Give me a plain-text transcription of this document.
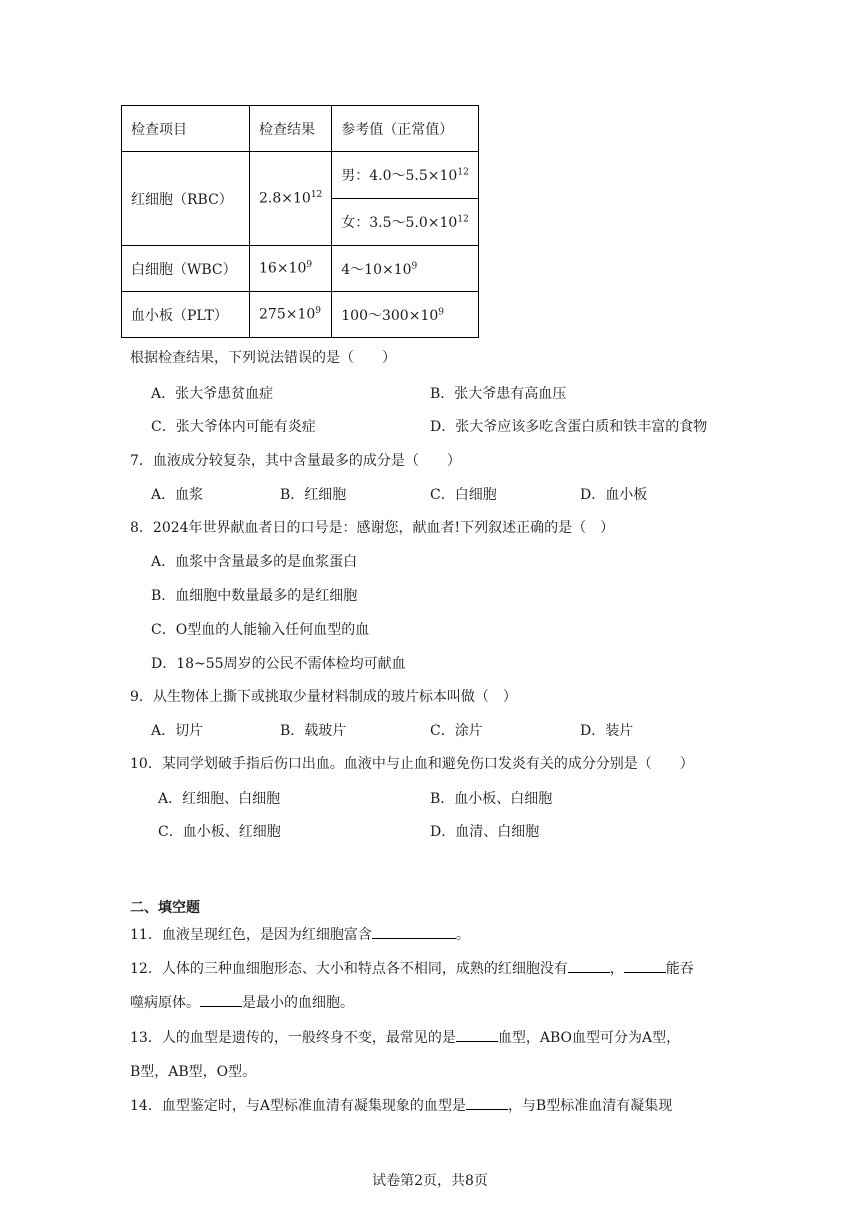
检查项目	检查结果	参考值（正常值）
红细胞（RBC）	$2.8\times 10^{12}$	男：$4.0\sim 5.5\times 10^{12}$
		女：$3.5\sim 5.0\times 10^{12}$
白细胞（WBC）	$16\times 10^9$	$4\sim 10\times 10^9$
血小板（PLT）	$275\times 10^9$	$100\sim 300\times 10^9$
根据检查结果，下列说法错误的是（　　）
A．张大爷患贫血症	B．张大爷患有高血压
C．张大爷体内可能有炎症	D．张大爷应该多吃含蛋白质和铁丰富的食物
7．血液成分较复杂，其中含量最多的成分是（　　）
A．血浆	B．红细胞	C．白细胞	D．血小板
8．2024年世界献血者日的口号是：感谢您，献血者!下列叙述正确的是（　）
A．血浆中含量最多的是血浆蛋白
B．血细胞中数量最多的是红细胞
C．O型血的人能输入任何血型的血
D．18~55周岁的公民不需体检均可献血
9．从生物体上撕下或挑取少量材料制成的玻片标本叫做（　）
A．切片	B．载玻片	C．涂片	D．装片
10．某同学划破手指后伤口出血。血液中与止血和避免伤口发炎有关的成分分别是（　　）
A．红细胞、白细胞	B．血小板、白细胞
C．血小板、红细胞	D．血清、白细胞
二、填空题
11．血液呈现红色，是因为红细胞富含	。
12．人体的三种血细胞形态、大小和特点各不相同，成熟的红细胞没有	，	能吞
噬病原体。	是最小的血细胞。
13．人的血型是遗传的，一般终身不变，最常见的是	血型，ABO血型可分为A型，
B型，AB型，O型。
14．血型鉴定时，与A型标准血清有凝集现象的血型是	，与B型标准血清有凝集现
试卷第2页，共8页
